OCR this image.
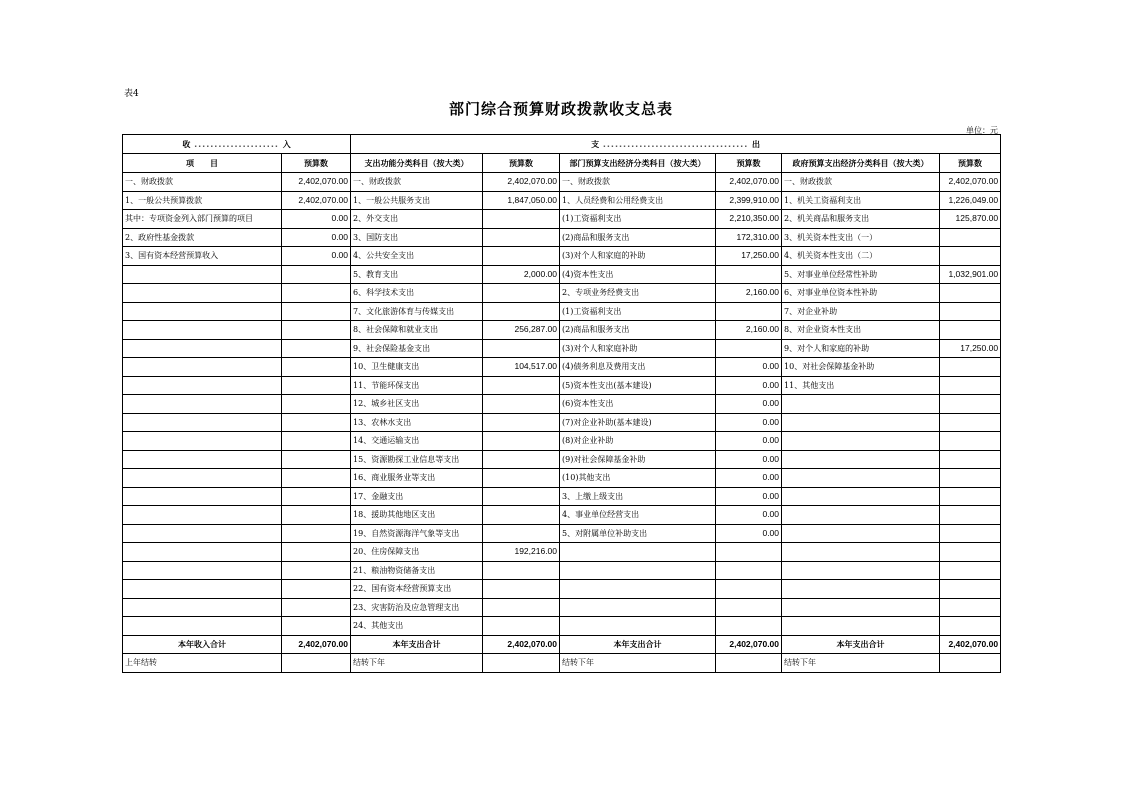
表4
部门综合预算财政拨款收支总表
单位：元
收 ..................... 入		支 .................................... 出					
项　　目	预算数	支出功能分类科目（按大类）	预算数	部门预算支出经济分类科目（按大类）	预算数	政府预算支出经济分类科目（按大类）	预算数
一、财政拨款	2,402,070.00	一、财政拨款	2,402,070.00	一、财政拨款	2,402,070.00	一、财政拨款	2,402,070.00
1、一般公共预算拨款	2,402,070.00	1、一般公共服务支出	1,847,050.00	1、人员经费和公用经费支出	2,399,910.00	1、机关工资福利支出	1,226,049.00
其中：专项资金列入部门预算的项目	0.00	2、外交支出		(1)工资福利支出	2,210,350.00	2、机关商品和服务支出	125,870.00
2、政府性基金拨款	0.00	3、国防支出		(2)商品和服务支出	172,310.00	3、机关资本性支出（一）	
3、国有资本经营预算收入	0.00	4、公共安全支出		(3)对个人和家庭的补助	17,250.00	4、机关资本性支出（二）	
		5、教育支出	2,000.00	(4)资本性支出		5、对事业单位经常性补助	1,032,901.00
		6、科学技术支出		2、专项业务经费支出	2,160.00	6、对事业单位资本性补助	
		7、文化旅游体育与传媒支出		(1)工资福利支出		7、对企业补助	
		8、社会保障和就业支出	256,287.00	(2)商品和服务支出	2,160.00	8、对企业资本性支出	
		9、社会保险基金支出		(3)对个人和家庭补助		9、对个人和家庭的补助	17,250.00
		10、卫生健康支出	104,517.00	(4)债务利息及费用支出	0.00	10、对社会保障基金补助	
		11、节能环保支出		(5)资本性支出(基本建设)	0.00	11、其他支出	
		12、城乡社区支出		(6)资本性支出	0.00		
		13、农林水支出		(7)对企业补助(基本建设)	0.00		
		14、交通运输支出		(8)对企业补助	0.00		
		15、资源勘探工业信息等支出		(9)对社会保障基金补助	0.00		
		16、商业服务业等支出		(10)其他支出	0.00		
		17、金融支出		3、上缴上级支出	0.00		
		18、援助其他地区支出		4、事业单位经营支出	0.00		
		19、自然资源海洋气象等支出		5、对附属单位补助支出	0.00		
		20、住房保障支出	192,216.00				
		21、粮油物资储备支出					
		22、国有资本经营预算支出					
		23、灾害防治及应急管理支出					
		24、其他支出					
本年收入合计	2,402,070.00	本年支出合计	2,402,070.00	本年支出合计	2,402,070.00	本年支出合计	2,402,070.00
上年结转		结转下年		结转下年		结转下年	
